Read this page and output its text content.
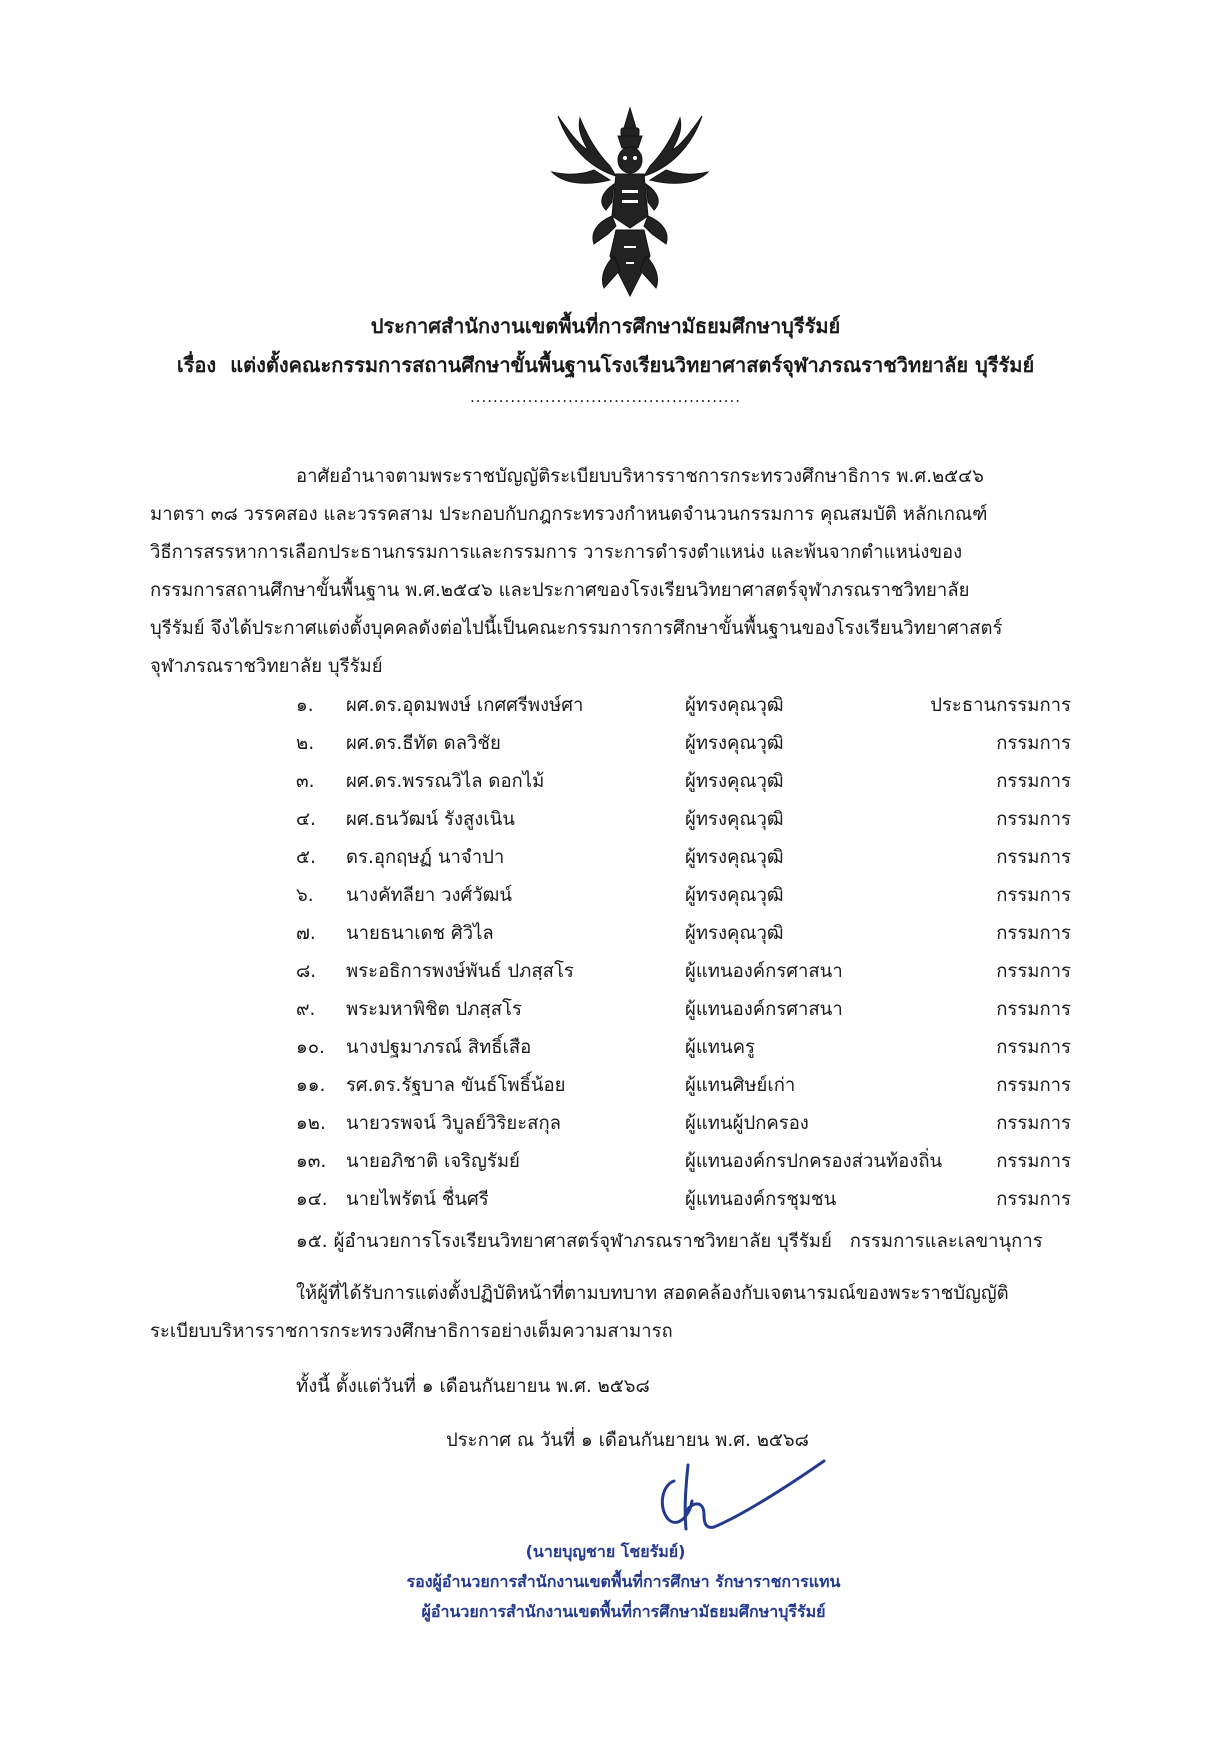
ประกาศสำนักงานเขตพื้นที่การศึกษามัธยมศึกษาบุรีรัมย์
เรื่อง แต่งตั้งคณะกรรมการสถานศึกษาขั้นพื้นฐานโรงเรียนวิทยาศาสตร์จุฬาภรณราชวิทยาลัย บุรีรัมย์
...............................................
อาศัยอำนาจตามพระราชบัญญัติระเบียบบริหารราชการกระทรวงศึกษาธิการ พ.ศ.๒๕๔๖
มาตรา ๓๘ วรรคสอง และวรรคสาม ประกอบกับกฎกระทรวงกำหนดจำนวนกรรมการ คุณสมบัติ หลักเกณฑ์
วิธีการสรรหาการเลือกประธานกรรมการและกรรมการ วาระการดำรงตำแหน่ง และพ้นจากตำแหน่งของ
กรรมการสถานศึกษาขั้นพื้นฐาน พ.ศ.๒๕๔๖ และประกาศของโรงเรียนวิทยาศาสตร์จุฬาภรณราชวิทยาลัย
บุรีรัมย์ จึงได้ประกาศแต่งตั้งบุคคลดังต่อไปนี้เป็นคณะกรรมการการศึกษาขั้นพื้นฐานของโรงเรียนวิทยาศาสตร์
จุฬาภรณราชวิทยาลัย บุรีรัมย์
๑. ผศ.ดร.อุดมพงษ์ เกศศรีพงษ์ศา	ผู้ทรงคุณวุฒิ	ประธานกรรมการ
๒. ผศ.ดร.ธีทัต ดลวิชัย	ผู้ทรงคุณวุฒิ	กรรมการ
๓. ผศ.ดร.พรรณวิไล ดอกไม้	ผู้ทรงคุณวุฒิ	กรรมการ
๔. ผศ.ธนวัฒน์ รังสูงเนิน	ผู้ทรงคุณวุฒิ	กรรมการ
๕. ดร.อุกฤษฏ์ นาจำปา	ผู้ทรงคุณวุฒิ	กรรมการ
๖. นางคัทลียา วงศ์วัฒน์	ผู้ทรงคุณวุฒิ	กรรมการ
๗. นายธนาเดช ศิวิไล	ผู้ทรงคุณวุฒิ	กรรมการ
๘. พระอธิการพงษ์พันธ์ ปภสฺสโร	ผู้แทนองค์กรศาสนา	กรรมการ
๙. พระมหาพิชิต ปภสฺสโร	ผู้แทนองค์กรศาสนา	กรรมการ
๑๐. นางปฐมาภรณ์ สิทธิ์เสือ	ผู้แทนครู	กรรมการ
๑๑. รศ.ดร.รัฐบาล ขันธ์โพธิ์น้อย	ผู้แทนศิษย์เก่า	กรรมการ
๑๒. นายวรพจน์ วิบูลย์วิริยะสกุล	ผู้แทนผู้ปกครอง	กรรมการ
๑๓. นายอภิชาติ เจริญรัมย์	ผู้แทนองค์กรปกครองส่วนท้องถิ่น	กรรมการ
๑๔. นายไพรัตน์ ชื่นศรี	ผู้แทนองค์กรชุมชน	กรรมการ
๑๕. ผู้อำนวยการโรงเรียนวิทยาศาสตร์จุฬาภรณราชวิทยาลัย บุรีรัมย์ กรรมการและเลขานุการ
ให้ผู้ที่ได้รับการแต่งตั้งปฏิบัติหน้าที่ตามบทบาท สอดคล้องกับเจตนารมณ์ของพระราชบัญญัติ
ระเบียบบริหารราชการกระทรวงศึกษาธิการอย่างเต็มความสามารถ
ทั้งนี้ ตั้งแต่วันที่ ๑ เดือนกันยายน พ.ศ. ๒๕๖๘
ประกาศ ณ วันที่ ๑ เดือนกันยายน พ.ศ. ๒๕๖๘
(นายบุญชาย โชยรัมย์)
รองผู้อำนวยการสำนักงานเขตพื้นที่การศึกษา รักษาราชการแทน
ผู้อำนวยการสำนักงานเขตพื้นที่การศึกษามัธยมศึกษาบุรีรัมย์
